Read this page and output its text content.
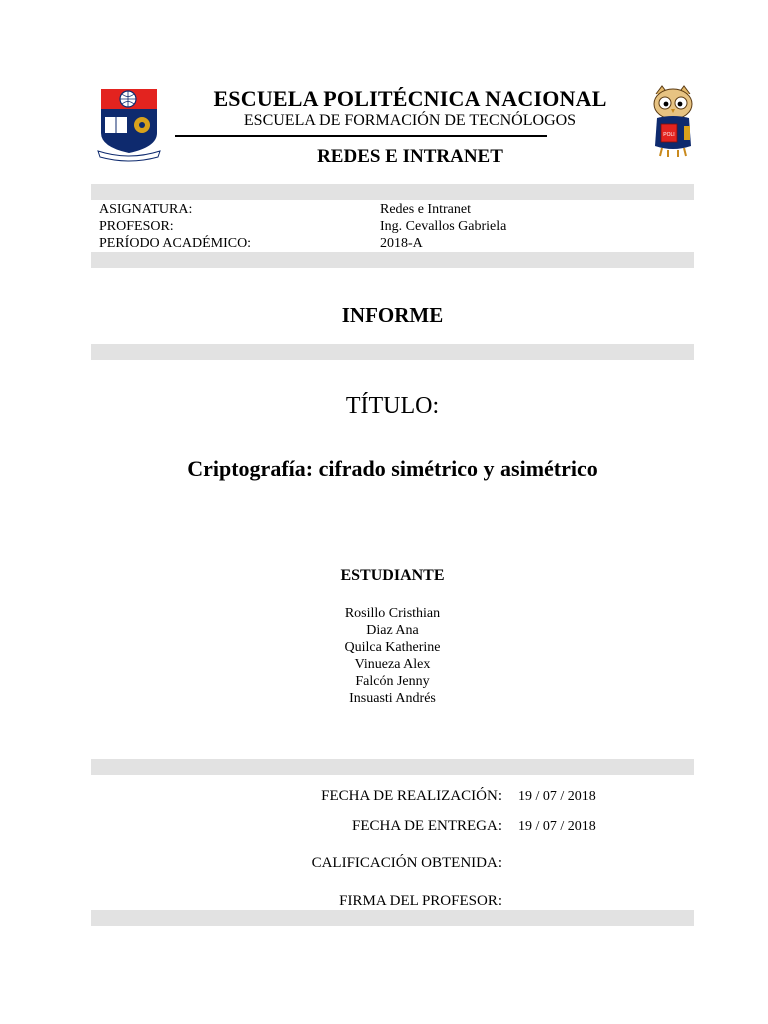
ESCUELA POLITÉCNICA NACIONAL
ESCUELA DE FORMACIÓN DE TECNÓLOGOS
REDES E INTRANET
POLI
ASIGNATURA:	Redes e Intranet
PROFESOR:	Ing. Cevallos Gabriela
PERÍODO ACADÉMICO:	2018-A
INFORME
TÍTULO:
Criptografía: cifrado simétrico y asimétrico
ESTUDIANTE
Rosillo Cristhian
Diaz Ana
Quilca Katherine
Vinueza Alex
Falcón Jenny
Insuasti Andrés
FECHA DE REALIZACIÓN: 19 / 07 / 2018
FECHA DE ENTREGA: 19 / 07 / 2018
CALIFICACIÓN OBTENIDA:
FIRMA DEL PROFESOR:
